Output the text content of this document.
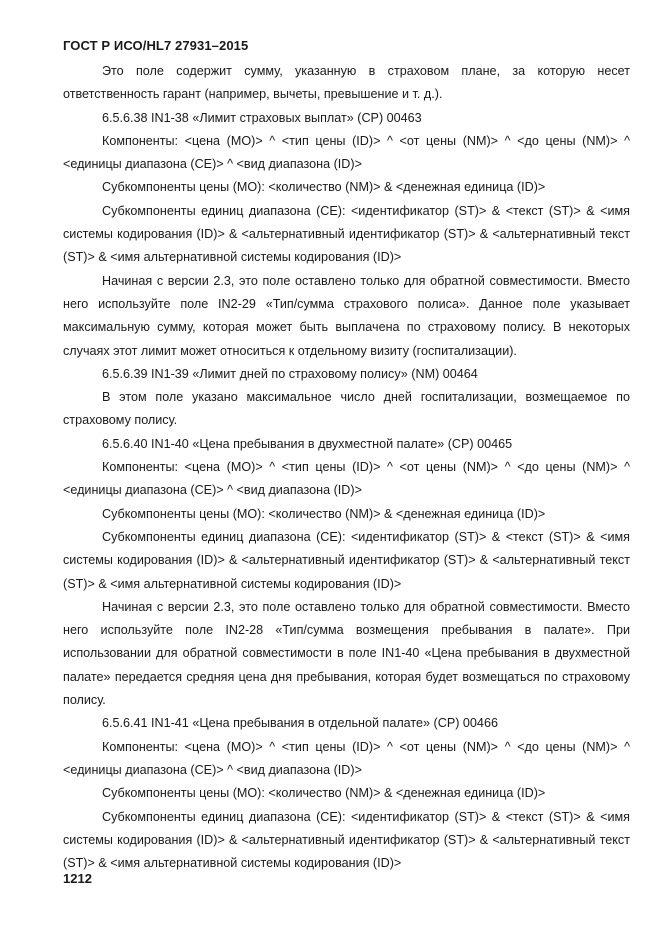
ГОСТ Р ИСО/HL7 27931–2015

Это поле содержит сумму, указанную в страховом плане, за которую несет ответственность гарант (например, вычеты, превышение и т. д.).

6.5.6.38 IN1-38 «Лимит страховых выплат» (CP) 00463

Компоненты: <цена (MO)> ^ <тип цены (ID)> ^ <от цены (NM)> ^ <до цены (NM)> ^ <единицы диапазона (CE)> ^ <вид диапазона (ID)>

Субкомпоненты цены (MO): <количество (NM)> & <денежная единица (ID)>

Субкомпоненты единиц диапазона (CE): <идентификатор (ST)> & <текст (ST)> & <имя системы кодирования (ID)> & <альтернативный идентификатор (ST)> & <альтернативный текст (ST)> & <имя альтернативной системы кодирования (ID)>

Начиная с версии 2.3, это поле оставлено только для обратной совместимости. Вместо него используйте поле IN2-29 «Тип/сумма страхового полиса». Данное поле указывает максимальную сумму, которая может быть выплачена по страховому полису. В некоторых случаях этот лимит может относиться к отдельному визиту (госпитализации).

6.5.6.39 IN1-39 «Лимит дней по страховому полису» (NM) 00464

В этом поле указано максимальное число дней госпитализации, возмещаемое по страховому полису.

6.5.6.40 IN1-40 «Цена пребывания в двухместной палате» (CP) 00465

Компоненты: <цена (MO)> ^ <тип цены (ID)> ^ <от цены (NM)> ^ <до цены (NM)> ^ <единицы диапазона (CE)> ^ <вид диапазона (ID)>

Субкомпоненты цены (MO): <количество (NM)> & <денежная единица (ID)>

Субкомпоненты единиц диапазона (CE): <идентификатор (ST)> & <текст (ST)> & <имя системы кодирования (ID)> & <альтернативный идентификатор (ST)> & <альтернативный текст (ST)> & <имя альтернативной системы кодирования (ID)>

Начиная с версии 2.3, это поле оставлено только для обратной совместимости. Вместо него используйте поле IN2-28 «Тип/сумма возмещения пребывания в палате». При использовании для обратной совместимости в поле IN1-40 «Цена пребывания в двухместной палате» передается средняя цена дня пребывания, которая будет возмещаться по страховому полису.

6.5.6.41 IN1-41 «Цена пребывания в отдельной палате» (CP) 00466

Компоненты: <цена (MO)> ^ <тип цены (ID)> ^ <от цены (NM)> ^ <до цены (NM)> ^ <единицы диапазона (CE)> ^ <вид диапазона (ID)>

Субкомпоненты цены (MO): <количество (NM)> & <денежная единица (ID)>

Субкомпоненты единиц диапазона (CE): <идентификатор (ST)> & <текст (ST)> & <имя системы кодирования (ID)> & <альтернативный идентификатор (ST)> & <альтернативный текст (ST)> & <имя альтернативной системы кодирования (ID)>

1212
